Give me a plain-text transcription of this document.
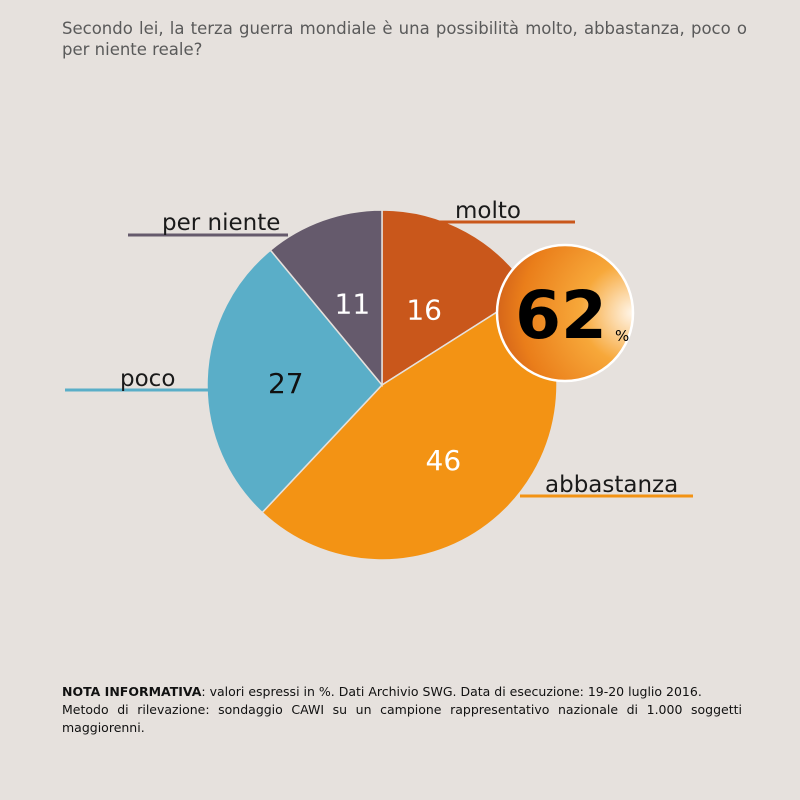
Secondo lei, la terza guerra mondiale è una possibilità molto, abbastanza, poco o per niente reale?
16
molto
46
abbastanza
27
poco
11
per niente
62 %

NOTA INFORMATIVA: valori espressi in %. Dati Archivio SWG. Data di esecuzione: 19-20 luglio 2016.

Metodo di rilevazione: sondaggio CAWI su un campione rappresentativo nazionale di 1.000 soggetti maggiorenni.
